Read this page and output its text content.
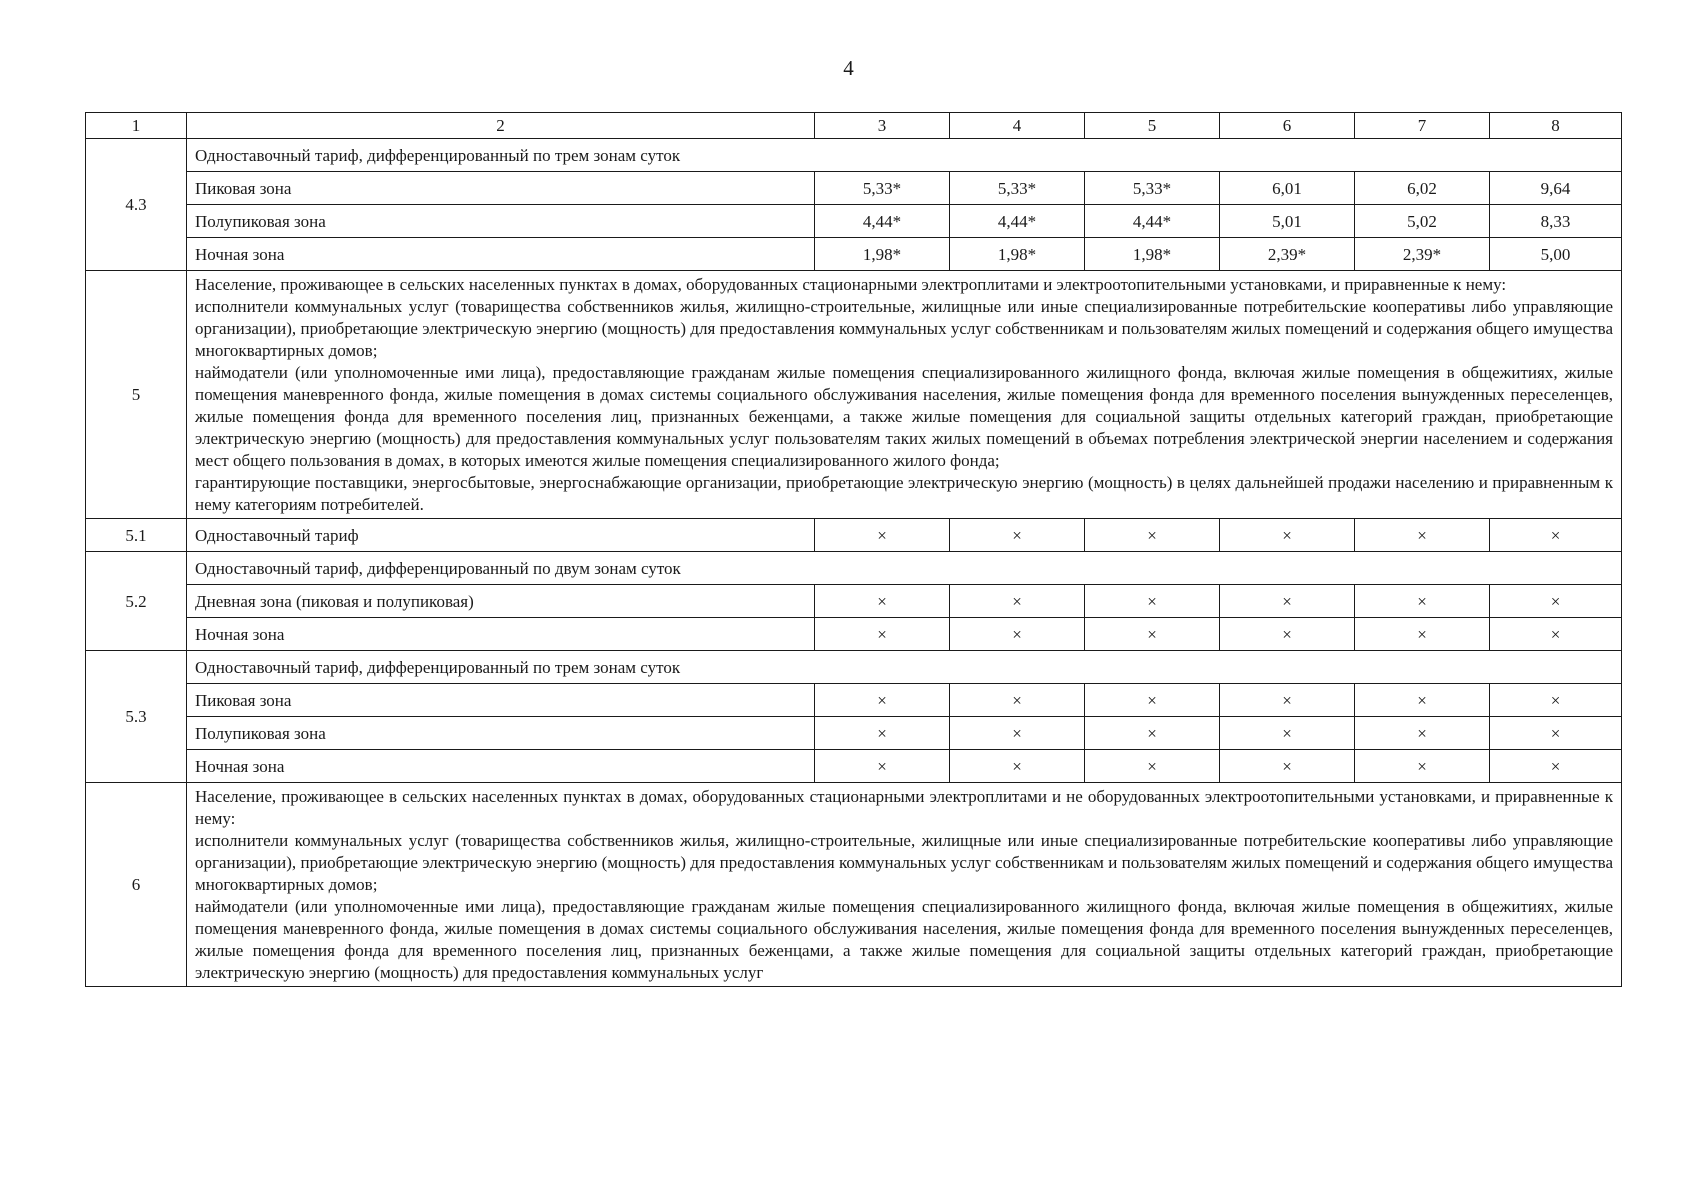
4
1	2	3	4	5	6	7	8
4.3	Одноставочный тариф, дифференцированный по трем зонам суток						
	Пиковая зона	5,33*	5,33*	5,33*	6,01	6,02	9,64
	Полупиковая зона	4,44*	4,44*	4,44*	5,01	5,02	8,33
	Ночная зона	1,98*	1,98*	1,98*	2,39*	2,39*	5,00
5	Население, проживающее в сельских населенных пунктах в домах, оборудованных стационарными электроплитами и электроотопительными установками, и приравненные к нему:
исполнители коммунальных услуг (товарищества собственников жилья, жилищно-строительные, жилищные или иные специализированные потребительские кооперативы либо управляющие организации), приобретающие электрическую энергию (мощность) для предоставления коммунальных услуг собственникам и пользователям жилых помещений и содержания общего имущества многоквартирных домов;
наймодатели (или уполномоченные ими лица), предоставляющие гражданам жилые помещения специализированного жилищного фонда, включая жилые помещения в общежитиях, жилые помещения маневренного фонда, жилые помещения в домах системы социального обслуживания населения, жилые помещения фонда для временного поселения вынужденных переселенцев, жилые помещения фонда для временного поселения лиц, признанных беженцами, а также жилые помещения для социальной защиты отдельных категорий граждан, приобретающие электрическую энергию (мощность) для предоставления коммунальных услуг пользователям таких жилых помещений в объемах потребления электрической энергии населением и содержания мест общего пользования в домах, в которых имеются жилые помещения специализированного жилого фонда;
гарантирующие поставщики, энергосбытовые, энергоснабжающие организации, приобретающие электрическую энергию (мощность) в целях дальнейшей продажи населению и приравненным к нему категориям потребителей.						

5.1	Одноставочный тариф	×	×	×	×	×	×
5.2	Одноставочный тариф, дифференцированный по двум зонам суток						
	Дневная зона (пиковая и полупиковая)	×	×	×	×	×	×
	Ночная зона	×	×	×	×	×	×
5.3	Одноставочный тариф, дифференцированный по трем зонам суток						
	Пиковая зона	×	×	×	×	×	×
	Полупиковая зона	×	×	×	×	×	×
	Ночная зона	×	×	×	×	×	×
6	Население, проживающее в сельских населенных пунктах в домах, оборудованных стационарными электроплитами и не оборудованных электроотопительными установками, и приравненные к нему:
исполнители коммунальных услуг (товарищества собственников жилья, жилищно-строительные, жилищные или иные специализированные потребительские кооперативы либо управляющие организации), приобретающие электрическую энергию (мощность) для предоставления коммунальных услуг собственникам и пользователям жилых помещений и содержания общего имущества многоквартирных домов;
наймодатели (или уполномоченные ими лица), предоставляющие гражданам жилые помещения специализированного жилищного фонда, включая жилые помещения в общежитиях, жилые помещения маневренного фонда, жилые помещения в домах системы социального обслуживания населения, жилые помещения фонда для временного поселения вынужденных переселенцев, жилые помещения фонда для временного поселения лиц, признанных беженцами, а также жилые помещения для социальной защиты отдельных категорий граждан, приобретающие электрическую энергию (мощность) для предоставления коммунальных услуг						
